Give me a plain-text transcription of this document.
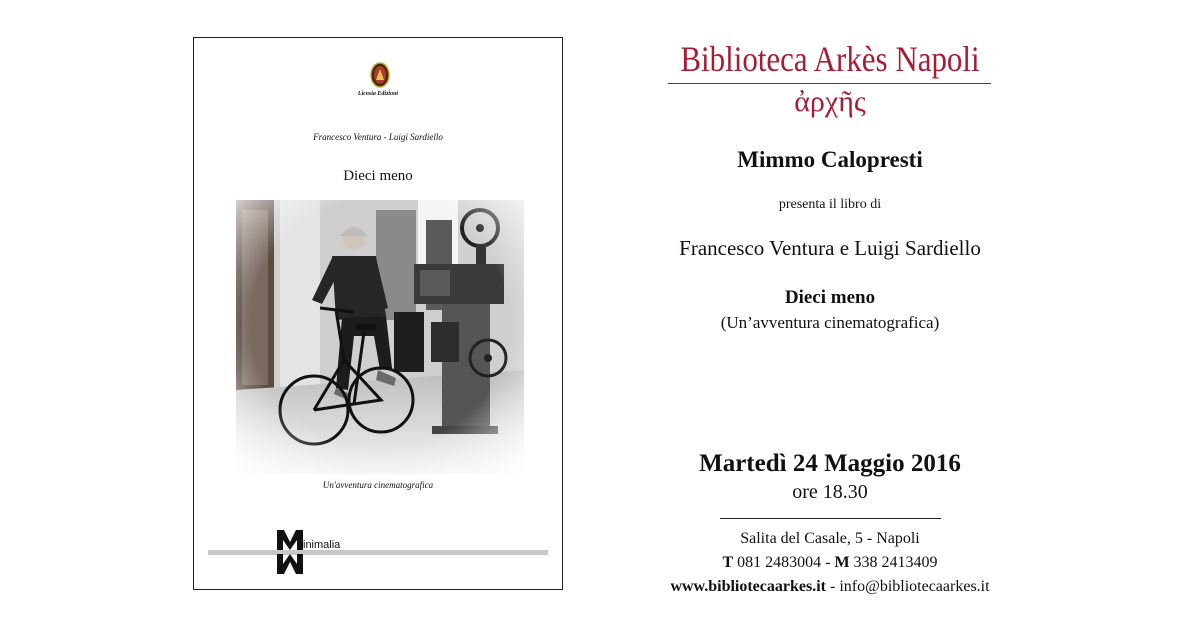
Licosia Edizioni
Francesco Ventura - Luigi Sardiello
Dieci meno
Un'avventura cinematografica
inimalia
Biblioteca Arkès Napoli
ἀρχῆς
Mimmo Calopresti
presenta il libro di
Francesco Ventura e Luigi Sardiello
Dieci meno
(Un’avventura cinematografica)
Martedì 24 Maggio 2016
ore 18.30
Salita del Casale, 5 - Napoli
T 081 2483004 - M 338 2413409
www.bibliotecaarkes.it - info@bibliotecaarkes.it
